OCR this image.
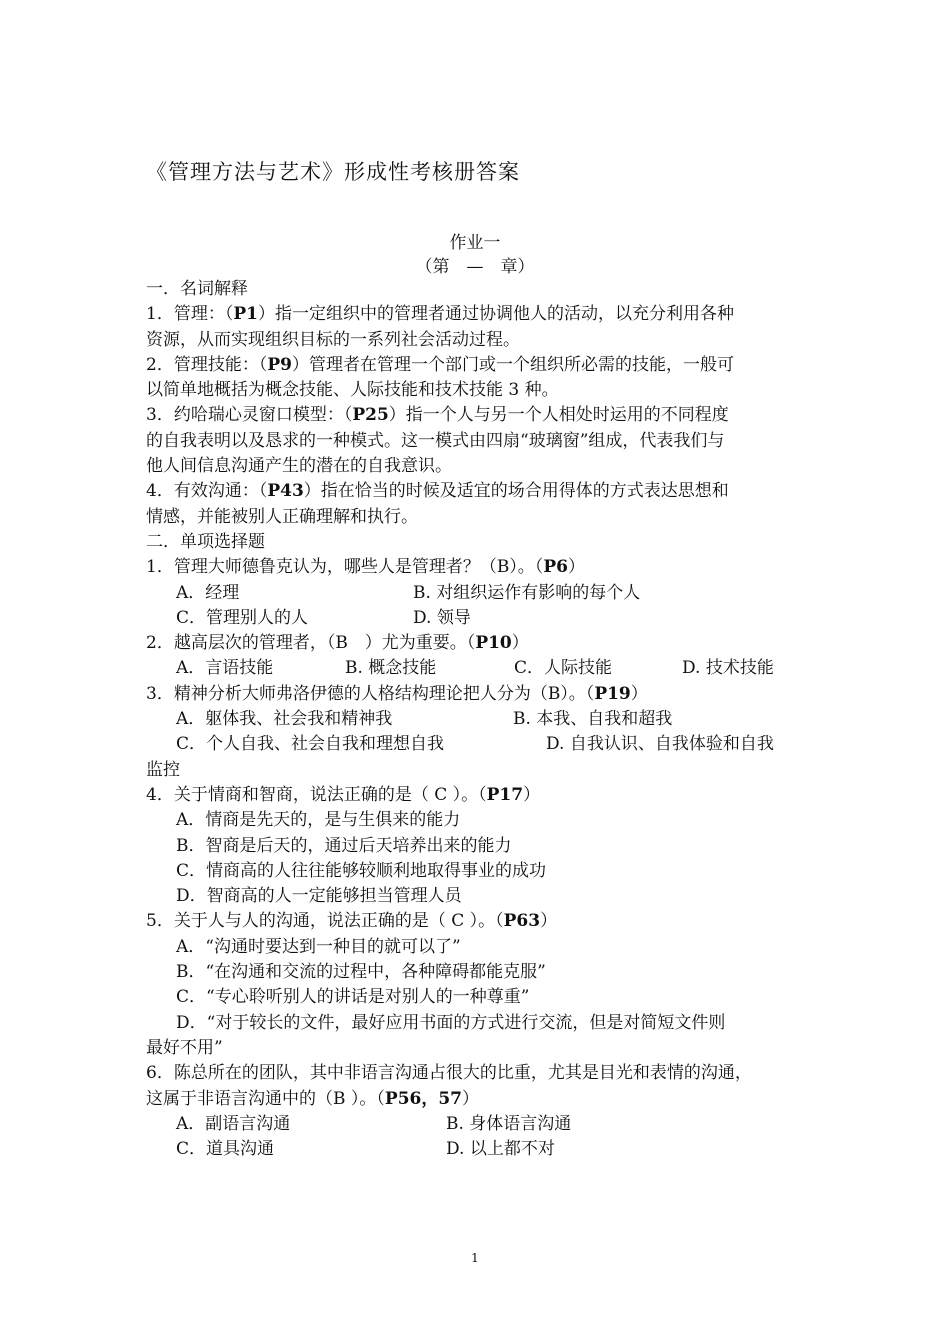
《管理方法与艺术》形成性考核册答案
作业一
（第　—　章）
一．名词解释
1．管理：（P1）指一定组织中的管理者通过协调他人的活动，以充分利用各种
资源，从而实现组织目标的一系列社会活动过程。
2．管理技能：（P9）管理者在管理一个部门或一个组织所必需的技能，一般可
以简单地概括为概念技能、人际技能和技术技能 3 种。
3．约哈瑞心灵窗口模型：（P25）指一个人与另一个人相处时运用的不同程度
的自我表明以及恳求的一种模式。这一模式由四扇“玻璃窗”组成，代表我们与
他人间信息沟通产生的潜在的自我意识。
4．有效沟通：（P43）指在恰当的时候及适宜的场合用得体的方式表达思想和
情感，并能被别人正确理解和执行。
二．单项选择题
1．管理大师德鲁克认为，哪些人是管理者？（B）。（P6）
A．经理	B. 对组织运作有影响的每个人
C．管理别人的人	D. 领导
2．越高层次的管理者，（B　）尤为重要。（P10）
A．言语技能	B. 概念技能	C．人际技能	D. 技术技能
3．精神分析大师弗洛伊德的人格结构理论把人分为（B）。（P19）
A．躯体我、社会我和精神我	B. 本我、自我和超我
C．个人自我、社会自我和理想自我	D. 自我认识、自我体验和自我
监控
4．关于情商和智商，说法正确的是（ C ）。（P17）
A．情商是先天的，是与生俱来的能力
B．智商是后天的，通过后天培养出来的能力
C．情商高的人往往能够较顺利地取得事业的成功
D．智商高的人一定能够担当管理人员
5．关于人与人的沟通，说法正确的是（ C ）。（P63）
A．“沟通时要达到一种目的就可以了”
B．“在沟通和交流的过程中，各种障碍都能克服”
C．“专心聆听别人的讲话是对别人的一种尊重”
D．“对于较长的文件，最好应用书面的方式进行交流，但是对简短文件则
最好不用”
6．陈总所在的团队，其中非语言沟通占很大的比重，尤其是目光和表情的沟通，
这属于非语言沟通中的（B ）。（P56，57）
A．副语言沟通	B. 身体语言沟通
C．道具沟通	D. 以上都不对
1
